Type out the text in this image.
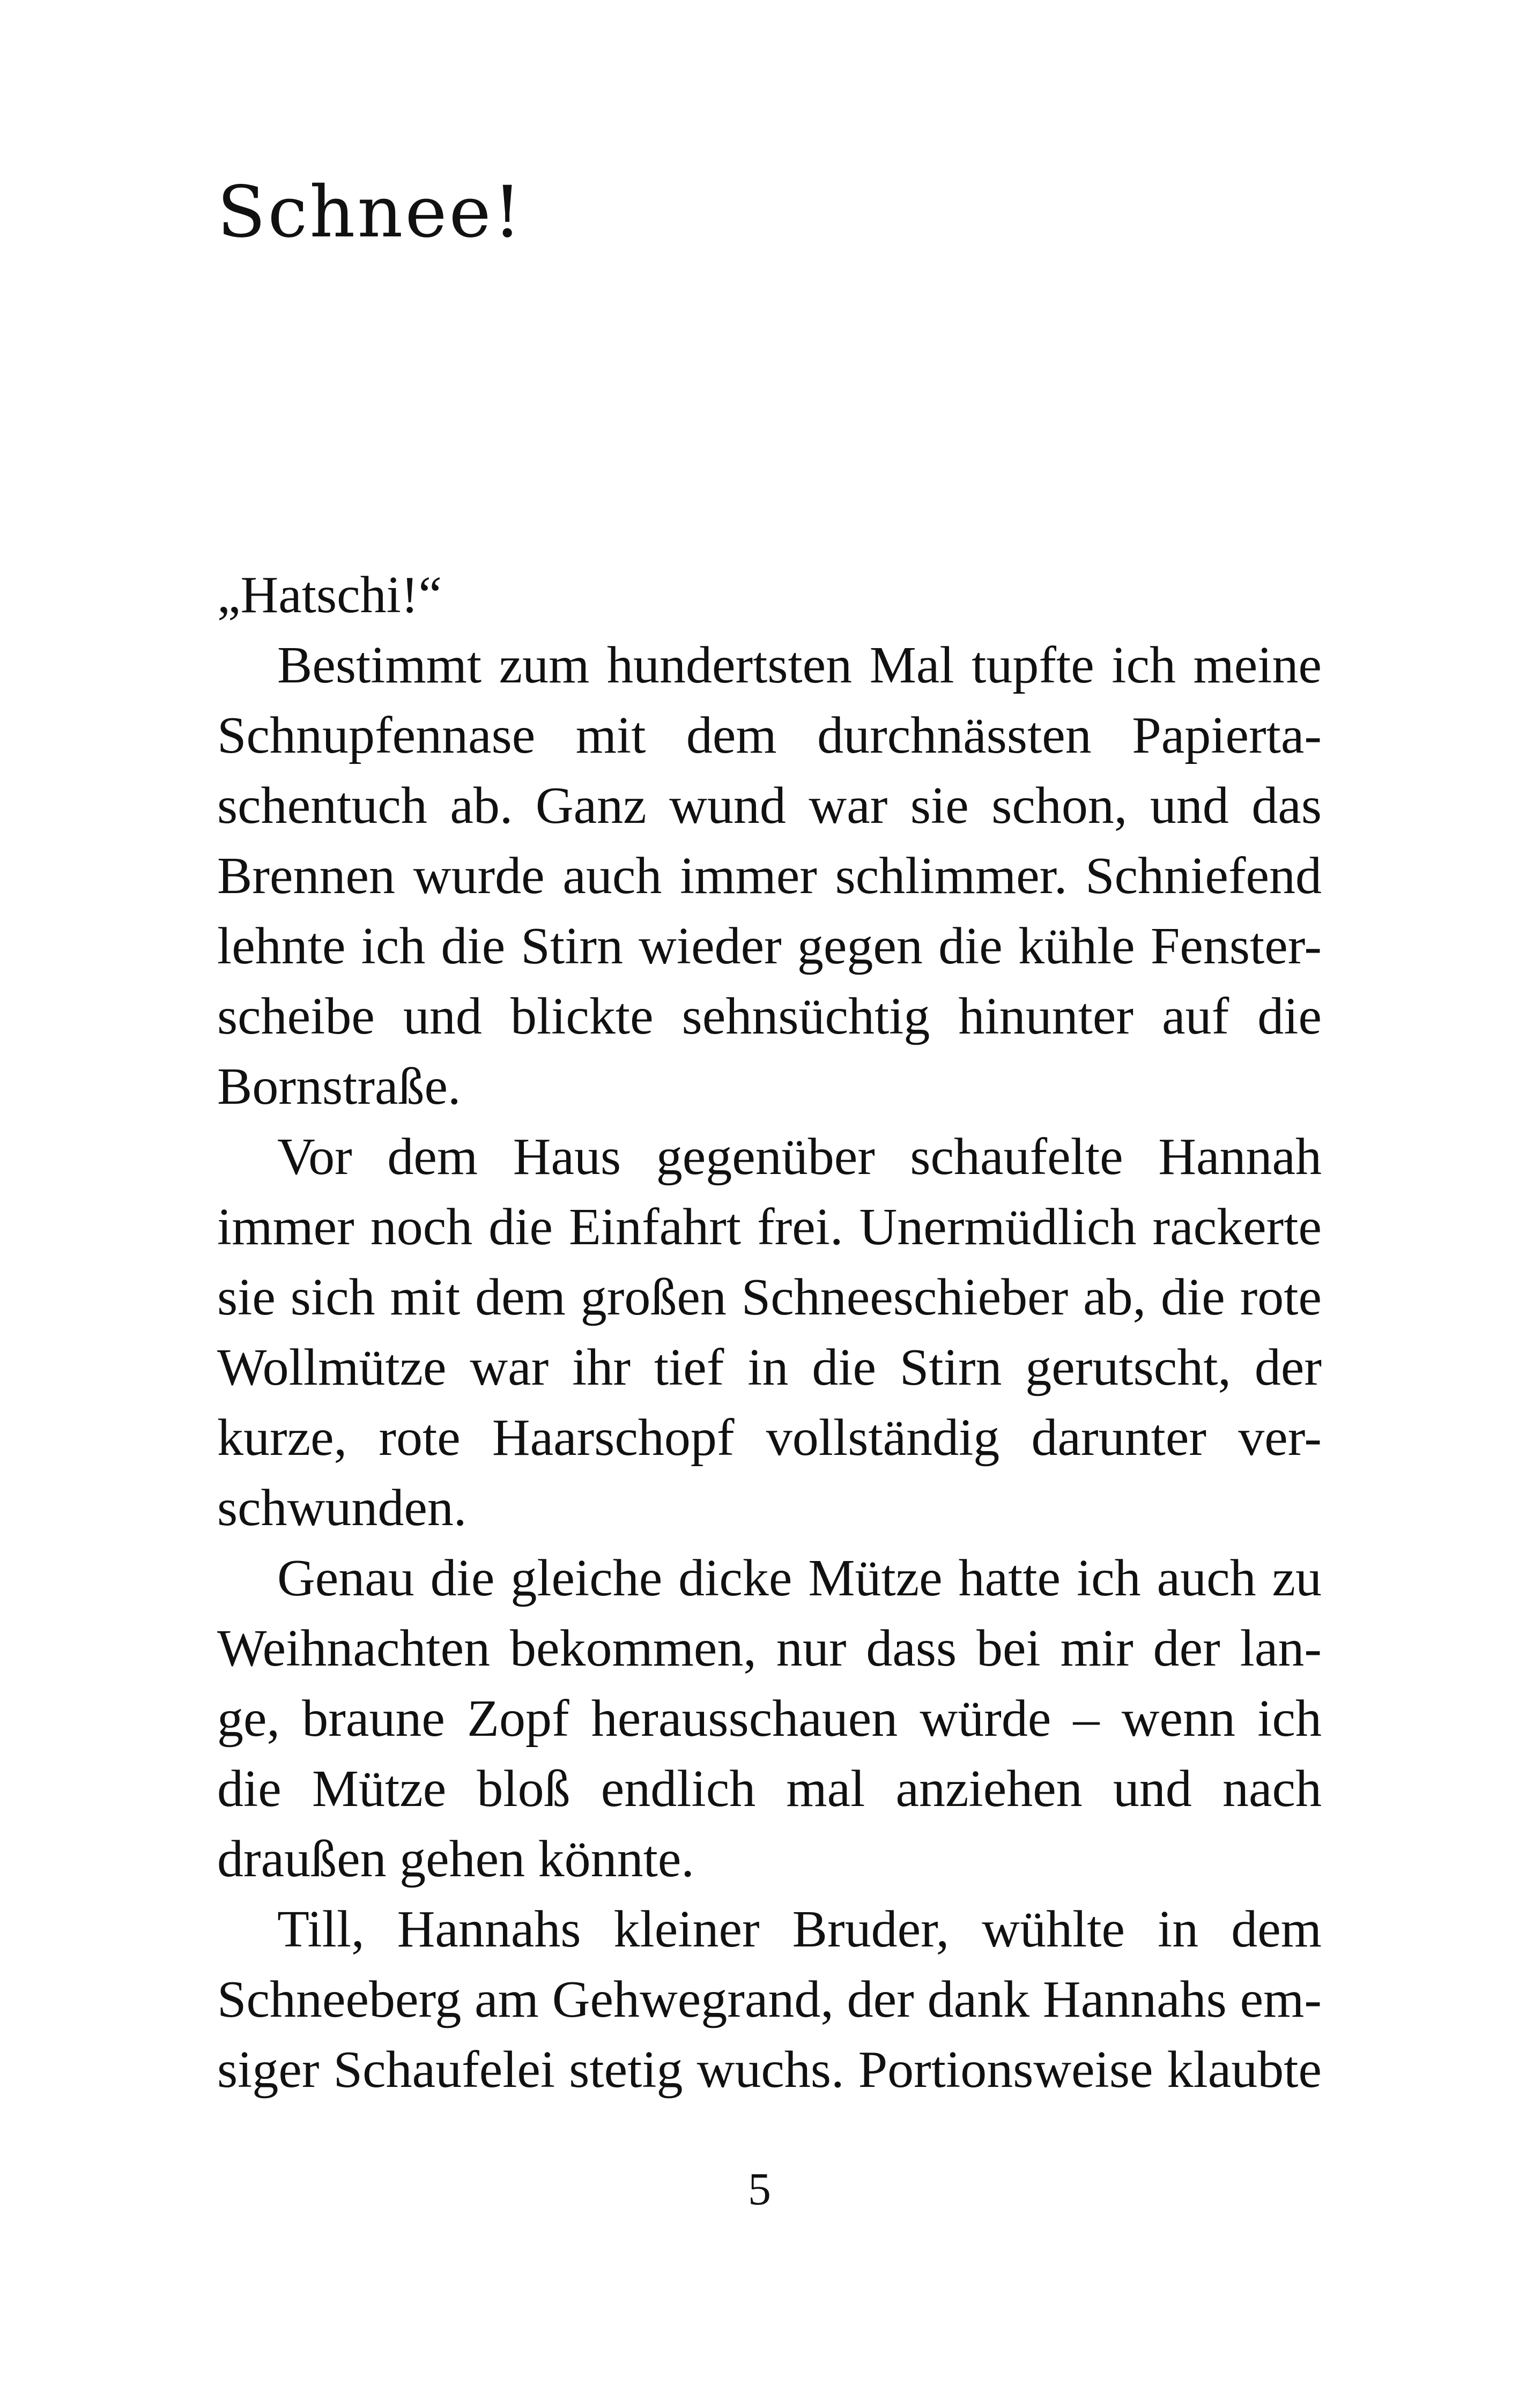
Schnee!
„Hatschi!“
Bestimmt zum hundertsten Mal tupfte ich meine
Schnupfennase mit dem durchnässten Papierta-
schentuch ab. Ganz wund war sie schon, und das
Brennen wurde auch immer schlimmer. Schniefend
lehnte ich die Stirn wieder gegen die kühle Fenster-
scheibe und blickte sehnsüchtig hinunter auf die
Bornstraße.
Vor dem Haus gegenüber schaufelte Hannah
immer noch die Einfahrt frei. Unermüdlich rackerte
sie sich mit dem großen Schneeschieber ab, die rote
Wollmütze war ihr tief in die Stirn gerutscht, der
kurze, rote Haarschopf vollständig darunter ver-
schwunden.
Genau die gleiche dicke Mütze hatte ich auch zu
Weihnachten bekommen, nur dass bei mir der lan-
ge, braune Zopf herausschauen würde – wenn ich
die Mütze bloß endlich mal anziehen und nach
draußen gehen könnte.
Till, Hannahs kleiner Bruder, wühlte in dem
Schneeberg am Gehwegrand, der dank Hannahs em-
siger Schaufelei stetig wuchs. Portionsweise klaubte
5
